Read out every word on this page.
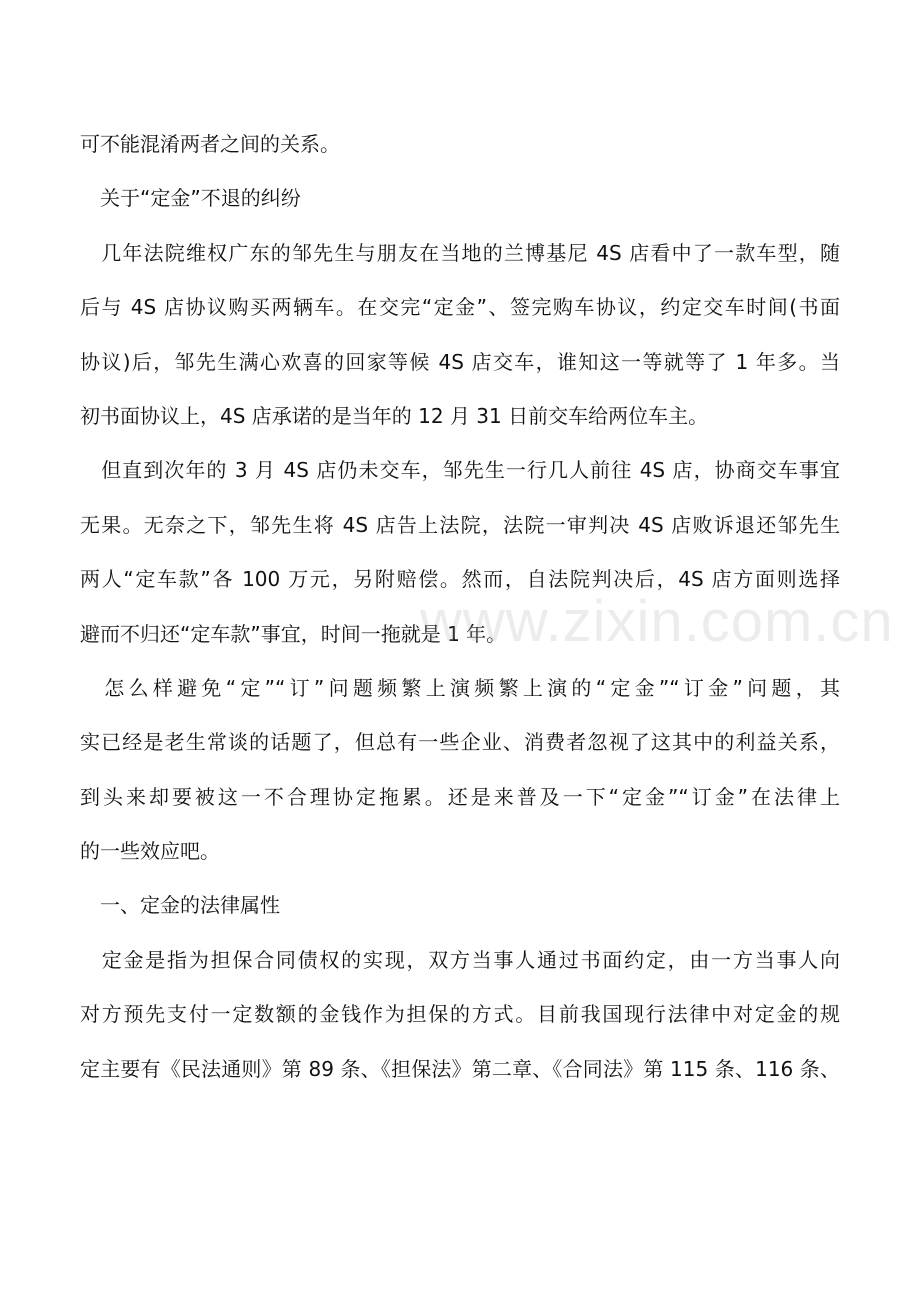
可不能混淆两者之间的关系。
　关于“定金”不退的纠纷
　几年法院维权广东的邹先生与朋友在当地的兰博基尼 4S 店看中了一款车型，随
后与 4S 店协议购买两辆车。在交完“定金”、签完购车协议，约定交车时间(书面
协议)后，邹先生满心欢喜的回家等候 4S 店交车，谁知这一等就等了 1 年多。当
初书面协议上，4S 店承诺的是当年的 12 月 31 日前交车给两位车主。
　但直到次年的 3 月 4S 店仍未交车，邹先生一行几人前往 4S 店，协商交车事宜
无果。无奈之下，邹先生将 4S 店告上法院，法院一审判决 4S 店败诉退还邹先生
两人“定车款”各 100 万元，另附赔偿。然而，自法院判决后，4S 店方面则选择
避而不归还“定车款”事宜，时间一拖就是 1 年。
　怎么样避免“定”“订”问题频繁上演频繁上演的“定金”“订金”问题，其
实已经是老生常谈的话题了，但总有一些企业、消费者忽视了这其中的利益关系，
到头来却要被这一不合理协定拖累。还是来普及一下“定金”“订金”在法律上
的一些效应吧。
　一、定金的法律属性
　定金是指为担保合同债权的实现，双方当事人通过书面约定，由一方当事人向
对方预先支付一定数额的金钱作为担保的方式。目前我国现行法律中对定金的规
定主要有《民法通则》第 89 条、《担保法》第二章、《合同法》第 115 条、116 条、
www.zixin.com.cn
